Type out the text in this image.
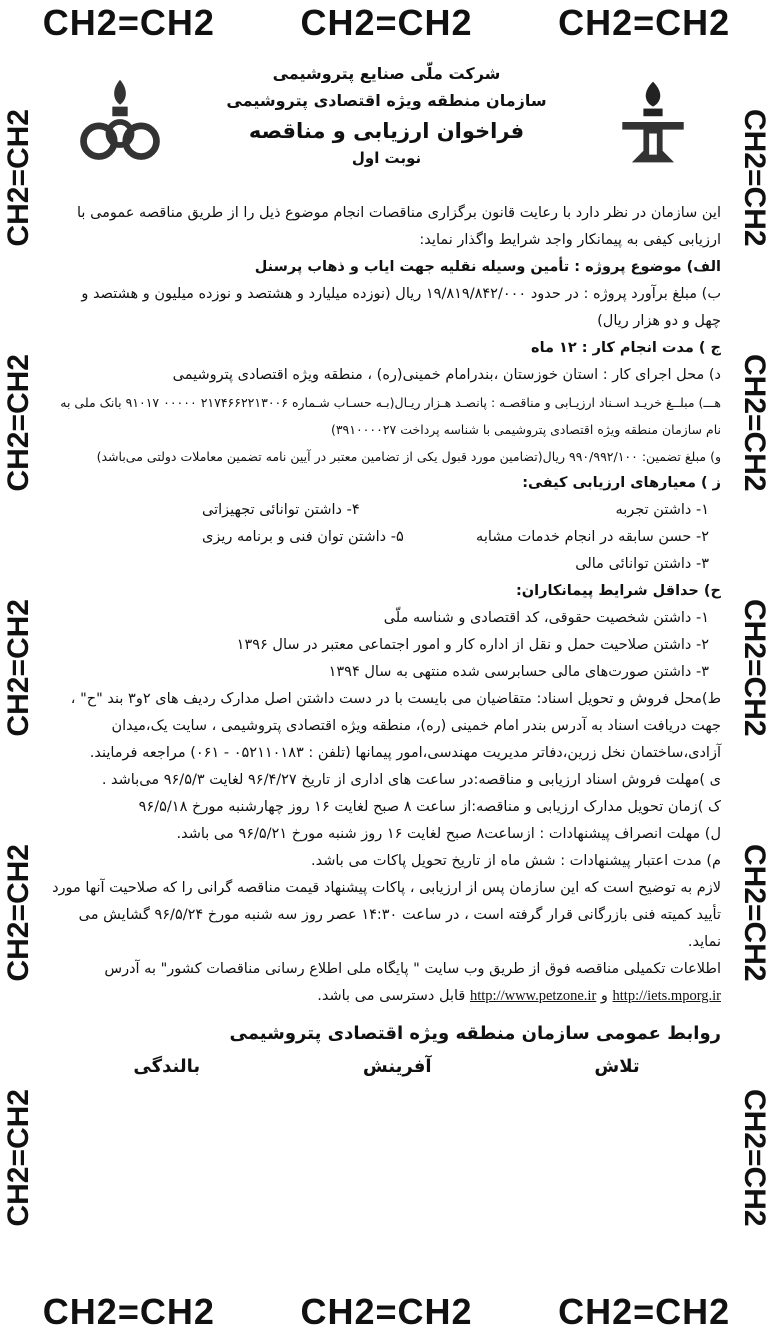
CH2=CH2 CH2=CH2 CH2=CH2
CH2=CH2 CH2=CH2 CH2=CH2
CH2=CH2
CH2=CH2
CH2=CH2
CH2=CH2
CH2=CH2
CH2=CH2
CH2=CH2
CH2=CH2
CH2=CH2
CH2=CH2

شرکت ملّی صنایع پتروشیمی

سازمان منطقه ویژه اقتصادی پتروشیمی

فراخوان ارزیابی و مناقصه

نوبت اول

این سازمان در نظر دارد با رعایت قانون برگزاری مناقصات انجام موضوع ذیل را از طریق مناقصه عمومی با ارزیابی کیفی به پیمانکار واجد شرایط واگذار نماید:

الف) موضوع پروژه : تأمین وسیله نقلیه جهت ایاب و ذهاب پرسنل

ب) مبلغ برآورد پروژه : در حدود ۱۹/۸۱۹/۸۴۲/۰۰۰ ریال (نوزده میلیارد و هشتصد و نوزده میلیون و هشتصد و چهل و دو هزار ریال)

ج ) مدت انجام کار : ۱۲ ماه

د) محل اجرای کار : استان خوزستان ،بندرامام خمینی(ره) ، منطقه ویژه اقتصادی پتروشیمی

هـــ) مبلــغ خریـد اسـناد ارزیـابی و مناقصـه : پانصـد هـزار ریـال(بـه حسـاب شـماره ۲۱۷۴۶۶۲۲۱۳۰۰۶ ۰۰۰۰۰ ۹۱۰۱۷ بانک ملی به نام سازمان منطقه ویژه اقتصادی پتروشیمی با شناسه پرداخت ۳۹۱۰۰۰۰۲۷)

و) مبلغ تضمین: ۹۹۰/۹۹۲/۱۰۰ ریال(تضامین مورد قبول یکی از تضامین معتبر در آیین نامه تضمین معاملات دولتی می‌باشد)

ز ) معیارهای ارزیابی کیفی:

۱- داشتن تجربه
۴- داشتن توانائی تجهیزاتی
۲- حسن سابقه در انجام خدمات مشابه
۵- داشتن توان فنی و برنامه ریزی

۳- داشتن توانائی مالی

ح) حداقل شرایط پیمانکاران:

۱- داشتن شخصیت حقوقی، کد اقتصادی و شناسه ملّی

۲- داشتن صلاحیت حمل و نقل از اداره کار و امور اجتماعی معتبر در سال ۱۳۹۶

۳- داشتن صورت‌های مالی حسابرسی شده منتهی به سال ۱۳۹۴

ط)محل فروش و تحویل اسناد: متقاضیان می بایست با در دست داشتن اصل مدارک ردیف های ۲و۳ بند "ح" ، جهت دریافت اسناد به آدرس بندر امام خمینی (ره)، منطقه ویژه اقتصادی پتروشیمی ، سایت یک،میدان آزادی،ساختمان نخل زرین،دفاتر مدیریت مهندسی،امور پیمانها (تلفن : ۰۵۲۱۱۰۱۸۳ - ۰۶۱) مراجعه فرمایند.

ی )مهلت فروش اسناد ارزیابی و مناقصه:در ساعت های اداری از تاریخ ۹۶/۴/۲۷ لغایت ۹۶/۵/۳ می‌باشد .

ک )زمان تحویل مدارک ارزیابی و مناقصه:از ساعت ۸ صبح لغایت ۱۶ روز چهارشنبه مورخ ۹۶/۵/۱۸

ل) مهلت انصراف پیشنهادات : ازساعت۸ صبح لغایت ۱۶ روز شنبه مورخ ۹۶/۵/۲۱ می باشد.

م) مدت اعتبار پیشنهادات : شش ماه از تاریخ تحویل پاکات می باشد.

لازم به توضیح است که این سازمان پس از ارزیابی ، پاکات پیشنهاد قیمت مناقصه گرانی را که صلاحیت آنها مورد تأیید کمیته فنی بازرگانی قرار گرفته است ، در ساعت ۱۴:۳۰ عصر روز سه شنبه مورخ ۹۶/۵/۲۴ گشایش می نماید.

اطلاعات تکمیلی مناقصه فوق از طریق وب سایت " پایگاه ملی اطلاع رسانی مناقصات کشور" به آدرس http://iets.mporg.ir و http://www.petzone.ir قابل دسترسی می باشد.

روابط عمومی سازمان منطقه ویژه اقتصادی پتروشیمی

تلاش
آفرینش
بالندگی
